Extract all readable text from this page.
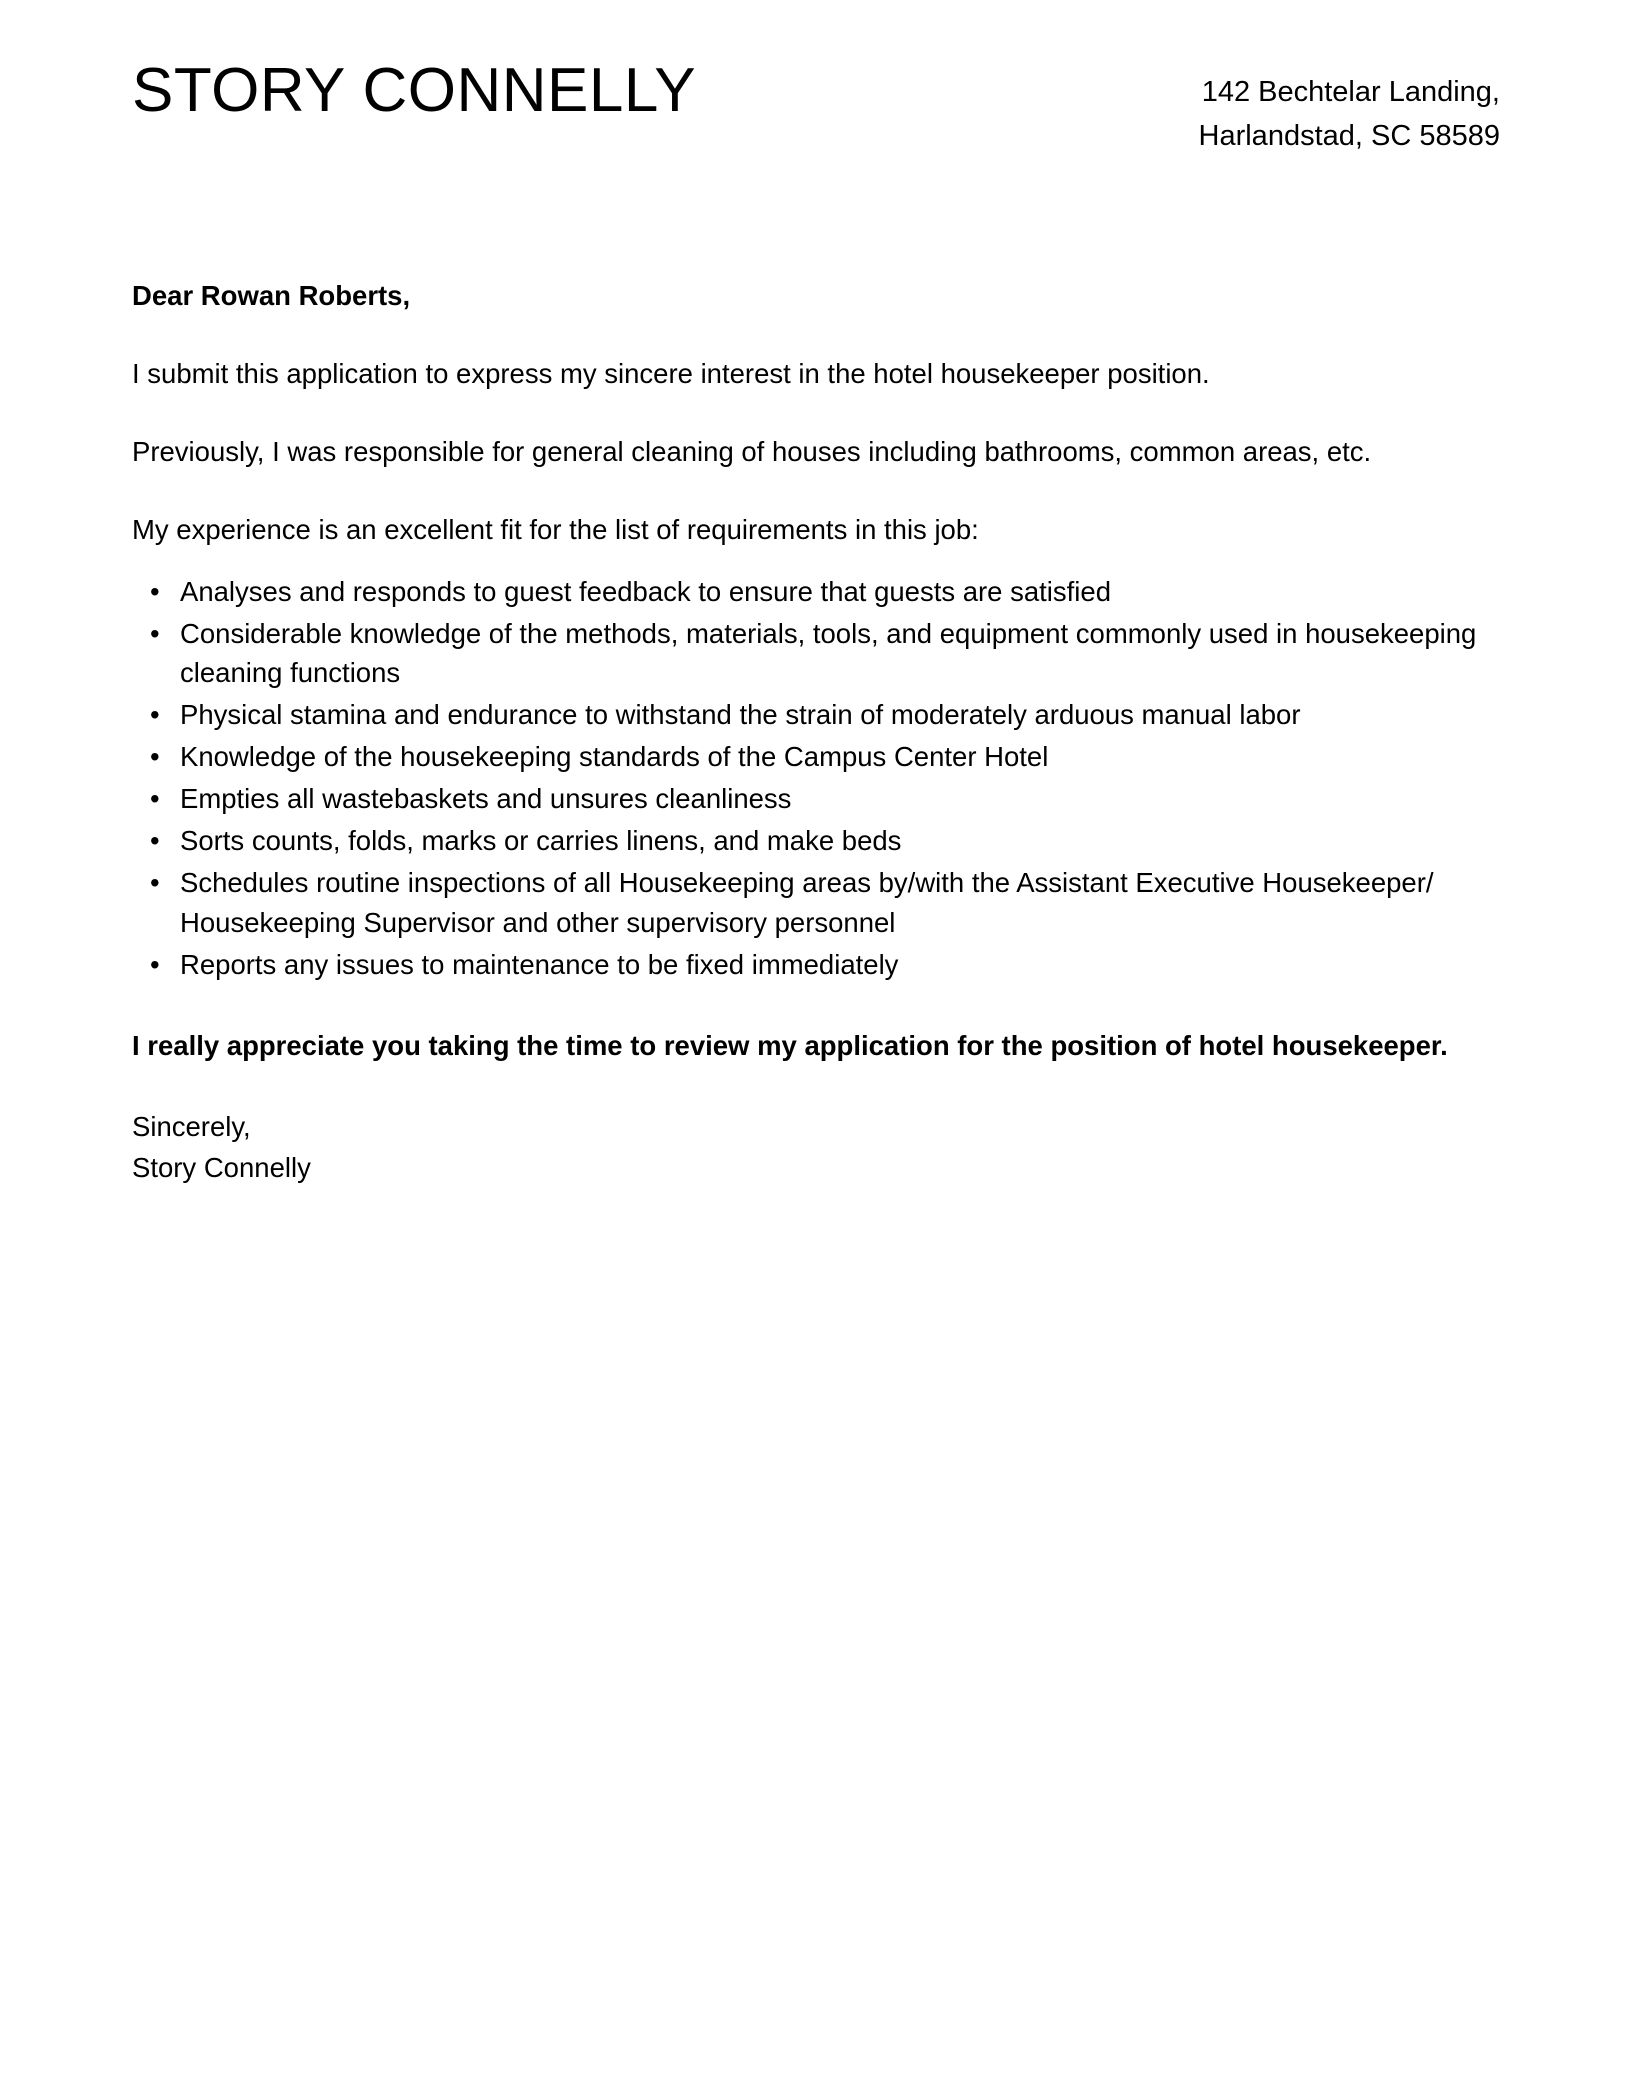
STORY CONNELLY	142 Bechtelar Landing,
Harlandstad, SC 58589

Dear Rowan Roberts,

I submit this application to express my sincere interest in the hotel housekeeper position.

Previously, I was responsible for general cleaning of houses including bathrooms, common areas, etc.

My experience is an excellent fit for the list of requirements in this job:

• Analyses and responds to guest feedback to ensure that guests are satisfied
• Considerable knowledge of the methods, materials, tools, and equipment commonly used in housekeeping cleaning functions
• Physical stamina and endurance to withstand the strain of moderately arduous manual labor
• Knowledge of the housekeeping standards of the Campus Center Hotel
• Empties all wastebaskets and unsures cleanliness
• Sorts counts, folds, marks or carries linens, and make beds
• Schedules routine inspections of all Housekeeping areas by/with the Assistant Executive Housekeeper/ Housekeeping Supervisor and other supervisory personnel
• Reports any issues to maintenance to be fixed immediately

I really appreciate you taking the time to review my application for the position of hotel housekeeper.

Sincerely,
Story Connelly
